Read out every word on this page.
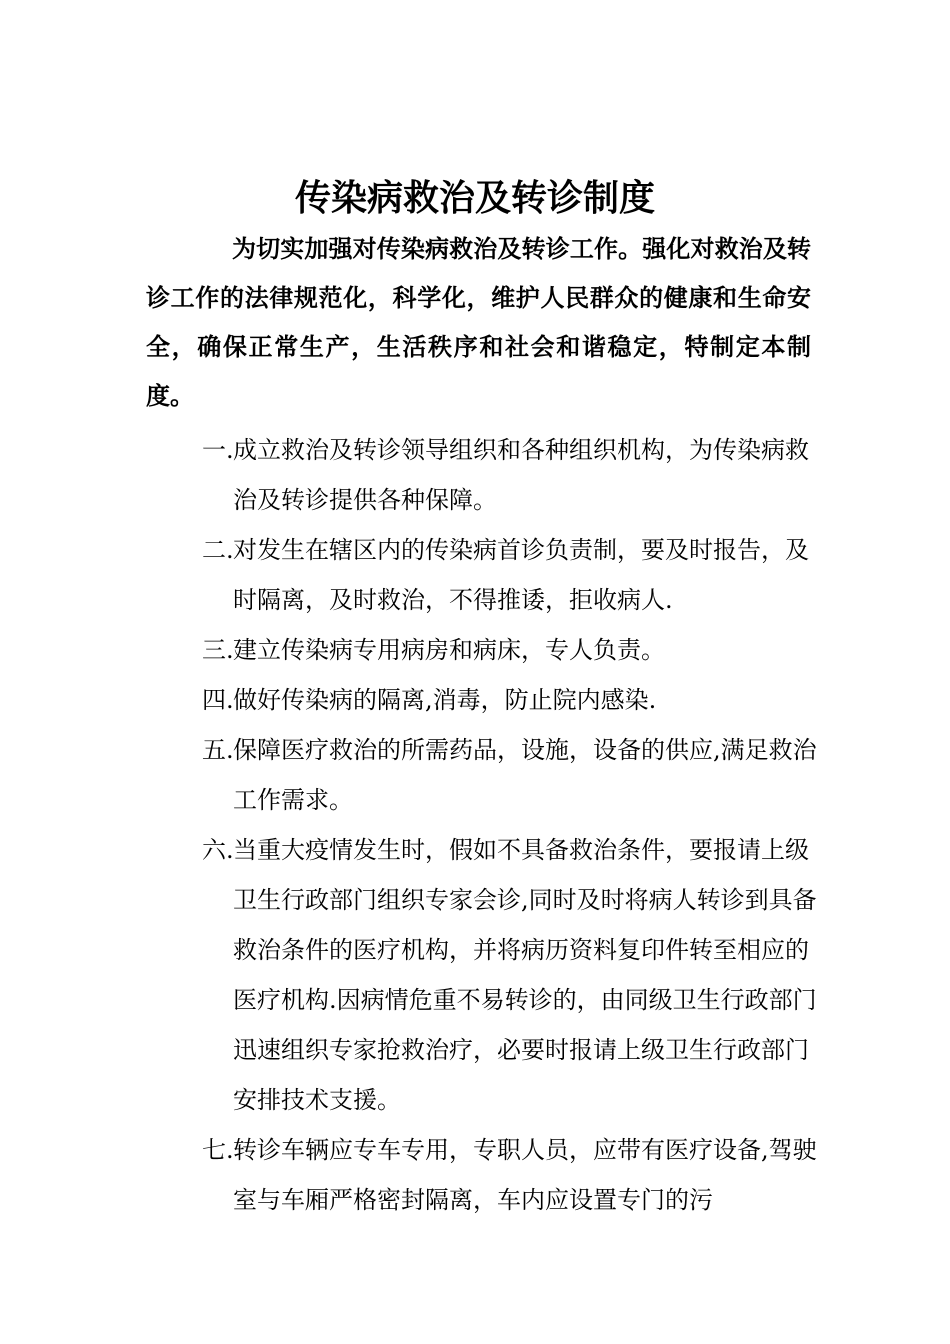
传染病救治及转诊制度

为切实加强对传染病救治及转诊工作。强化对救治及转诊工作的法律规范化，科学化，维护人民群众的健康和生命安全，确保正常生产，生活秩序和社会和谐稳定，特制定本制度。

一. 成立救治及转诊领导组织和各种组织机构，为传染病救治及转诊提供各种保障。
二. 对发生在辖区内的传染病首诊负责制，要及时报告，及时隔离，及时救治，不得推诿，拒收病人.
三. 建立传染病专用病房和病床，专人负责。
四. 做好传染病的隔离,消毒，防止院内感染.
五. 保障医疗救治的所需药品，设施，设备的供应,满足救治工作需求。
六. 当重大疫情发生时，假如不具备救治条件，要报请上级卫生行政部门组织专家会诊,同时及时将病人转诊到具备救治条件的医疗机构，并将病历资料复印件转至相应的医疗机构.因病情危重不易转诊的，由同级卫生行政部门迅速组织专家抢救治疗，必要时报请上级卫生行政部门安排技术支援。
七. 转诊车辆应专车专用，专职人员，应带有医疗设备,驾驶室与车厢严格密封隔离，车内应设置专门的污
